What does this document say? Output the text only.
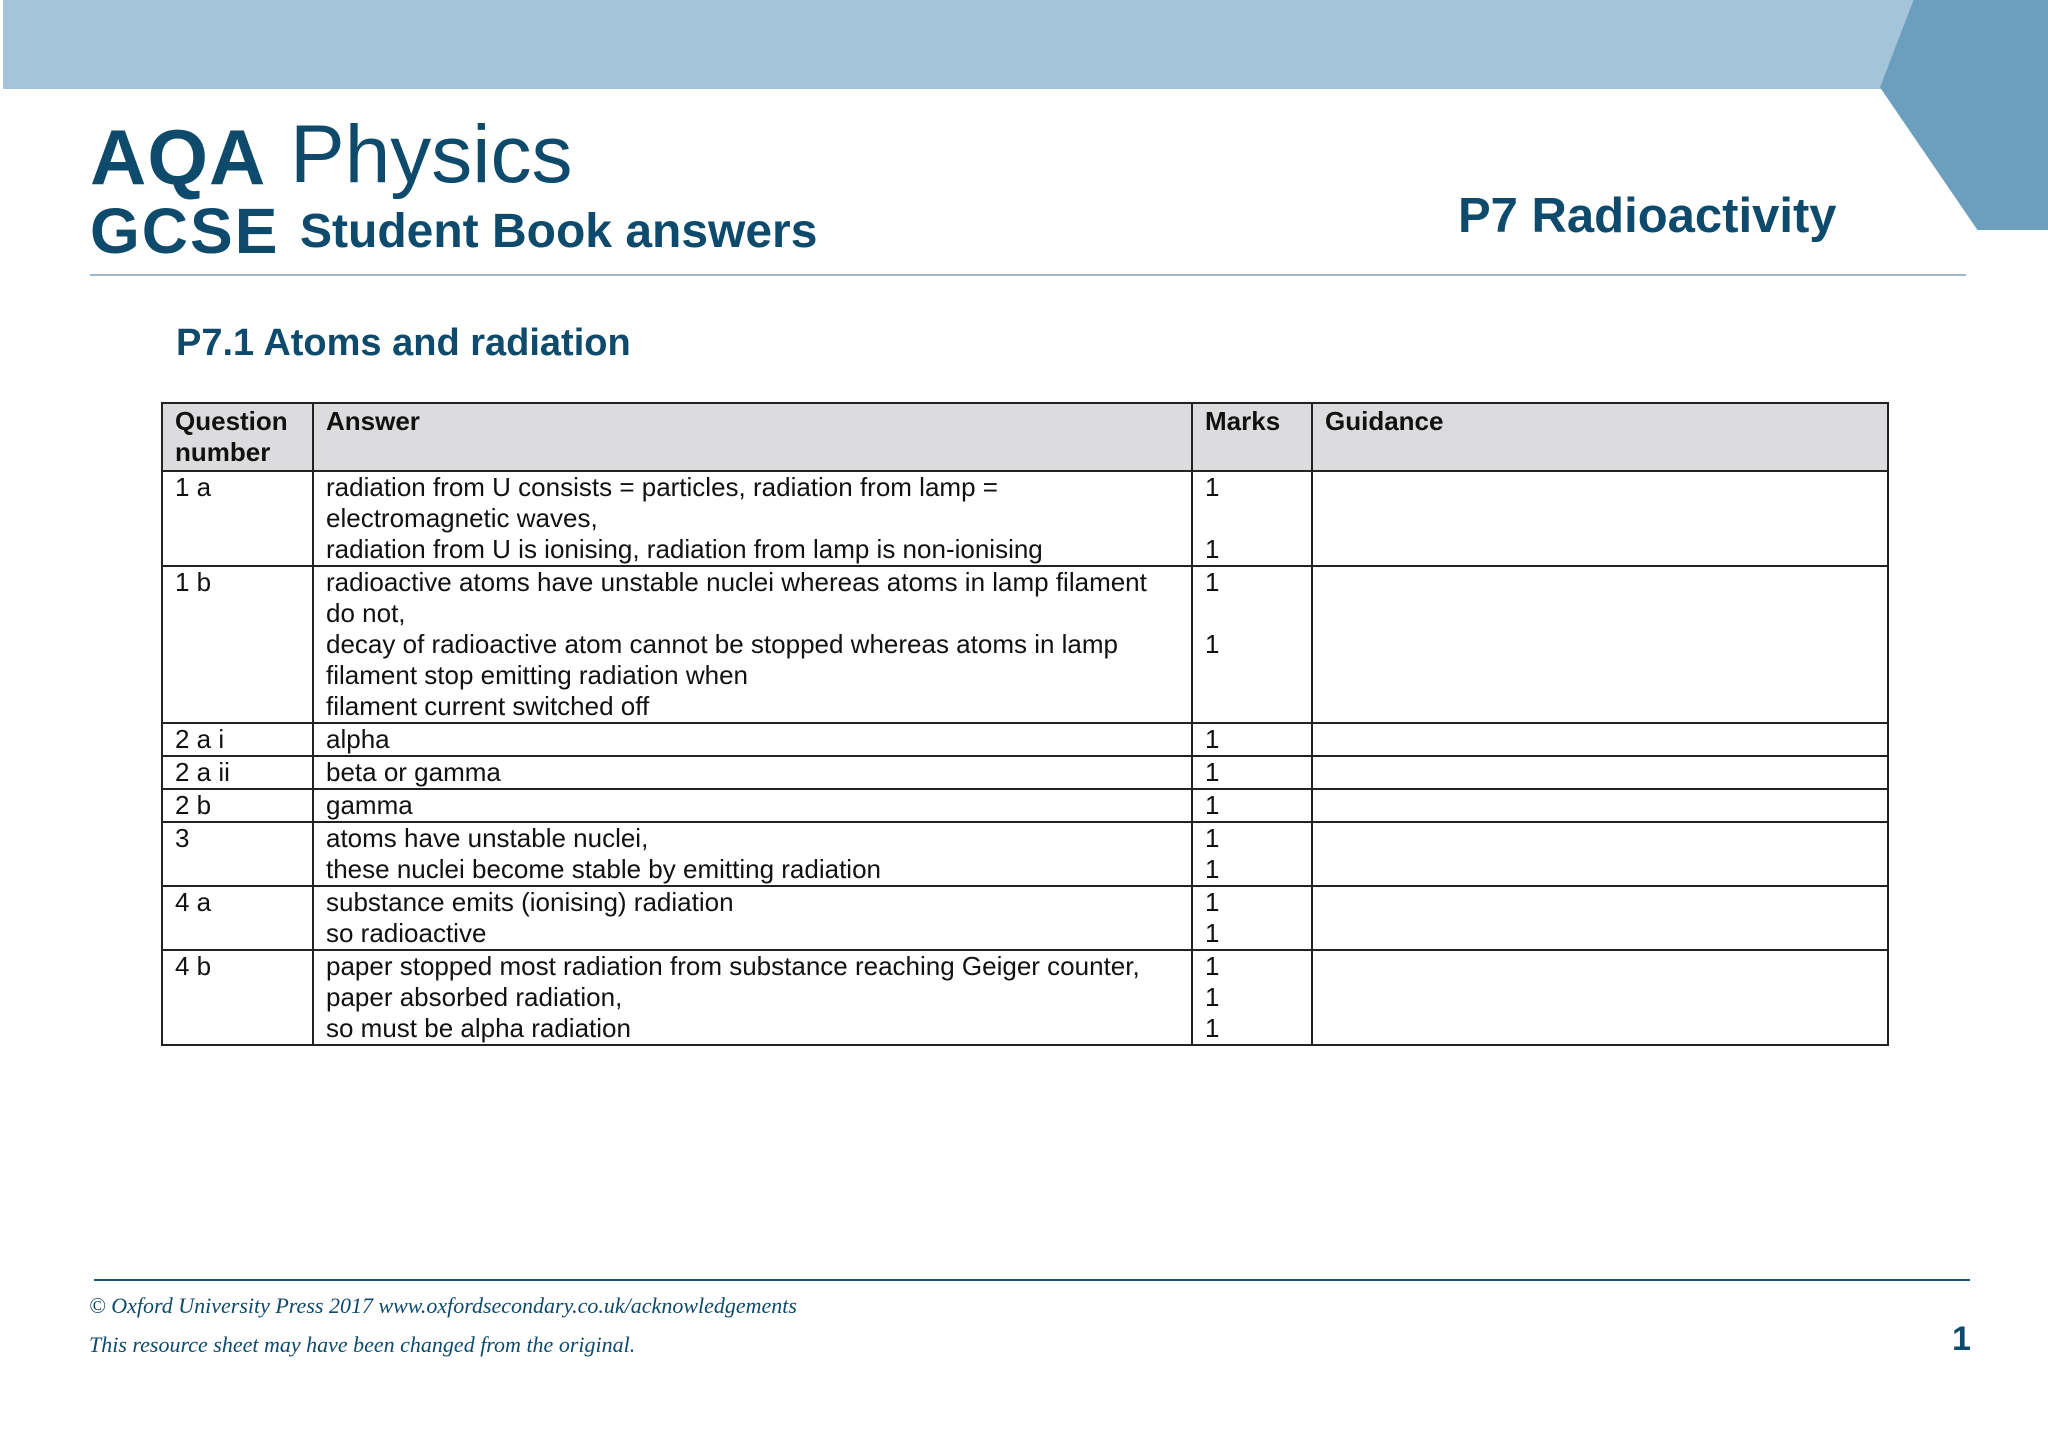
AQA Physics
GCSE Student Book answers	P7 Radioactivity
P7.1 Atoms and radiation
Question number	Answer	Marks	Guidance

1 a	radiation from U consists = particles, radiation from lamp =
electromagnetic waves,
radiation from U is ionising, radiation from lamp is non-ionising	1
1	

1 b	radioactive atoms have unstable nuclei whereas atoms in lamp filament
do not,
decay of radioactive atom cannot be stopped whereas atoms in lamp
filament stop emitting radiation when
filament current switched off	1
1	

2 a i	alpha	1	

2 a ii	beta or gamma	1	

2 b	gamma	1	

3	atoms have unstable nuclei,
these nuclei become stable by emitting radiation	1
1	

4 a	substance emits (ionising) radiation
so radioactive	1
1	

4 b	paper stopped most radiation from substance reaching Geiger counter,
paper absorbed radiation,
so must be alpha radiation	1
1
1	

© Oxford University Press 2017 www.oxfordsecondary.co.uk/acknowledgements
This resource sheet may have been changed from the original.	1
